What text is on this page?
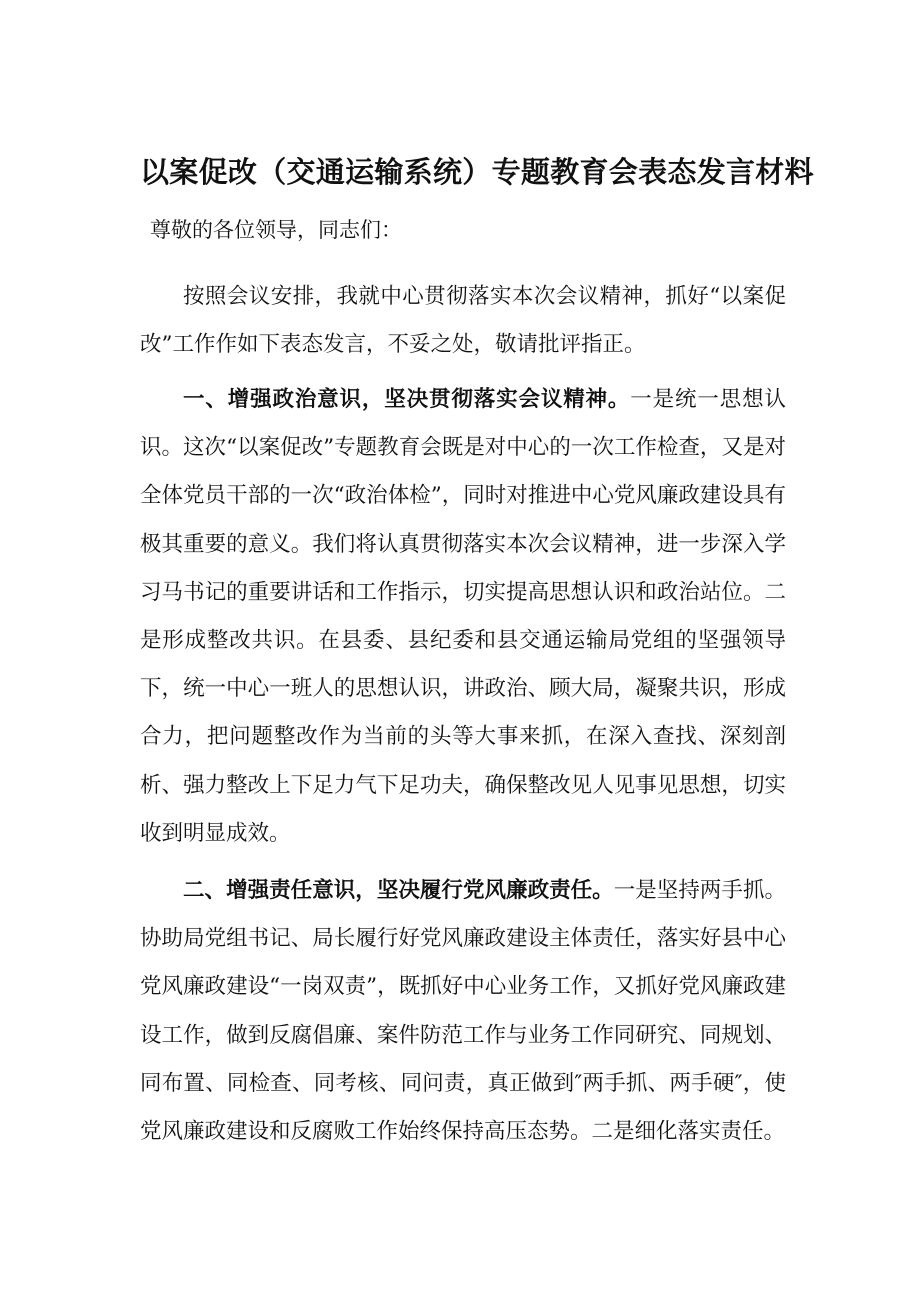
以案促改（交通运输系统）专题教育会表态发言材料

尊敬的各位领导，同志们：

按照会议安排，我就中心贯彻落实本次会议精神，抓好“以案促改”工作作如下表态发言，不妥之处，敬请批评指正。

一、增强政治意识，坚决贯彻落实会议精神。一是统一思想认识。这次“以案促改”专题教育会既是对中心的一次工作检查，又是对全体党员干部的一次“政治体检”，同时对推进中心党风廉政建设具有极其重要的意义。我们将认真贯彻落实本次会议精神，进一步深入学习马书记的重要讲话和工作指示，切实提高思想认识和政治站位。二是形成整改共识。在县委、县纪委和县交通运输局党组的坚强领导下，统一中心一班人的思想认识，讲政治、顾大局，凝聚共识，形成合力，把问题整改作为当前的头等大事来抓，在深入查找、深刻剖析、强力整改上下足力气下足功夫，确保整改见人见事见思想，切实收到明显成效。

二、增强责任意识，坚决履行党风廉政责任。一是坚持两手抓。协助局党组书记、局长履行好党风廉政建设主体责任，落实好县中心党风廉政建设“一岗双责”，既抓好中心业务工作，又抓好党风廉政建设工作，做到反腐倡廉、案件防范工作与业务工作同研究、同规划、同布置、同检查、同考核、同问责，真正做到″两手抓、两手硬″，使党风廉政建设和反腐败工作始终保持高压态势。二是细化落实责任。
